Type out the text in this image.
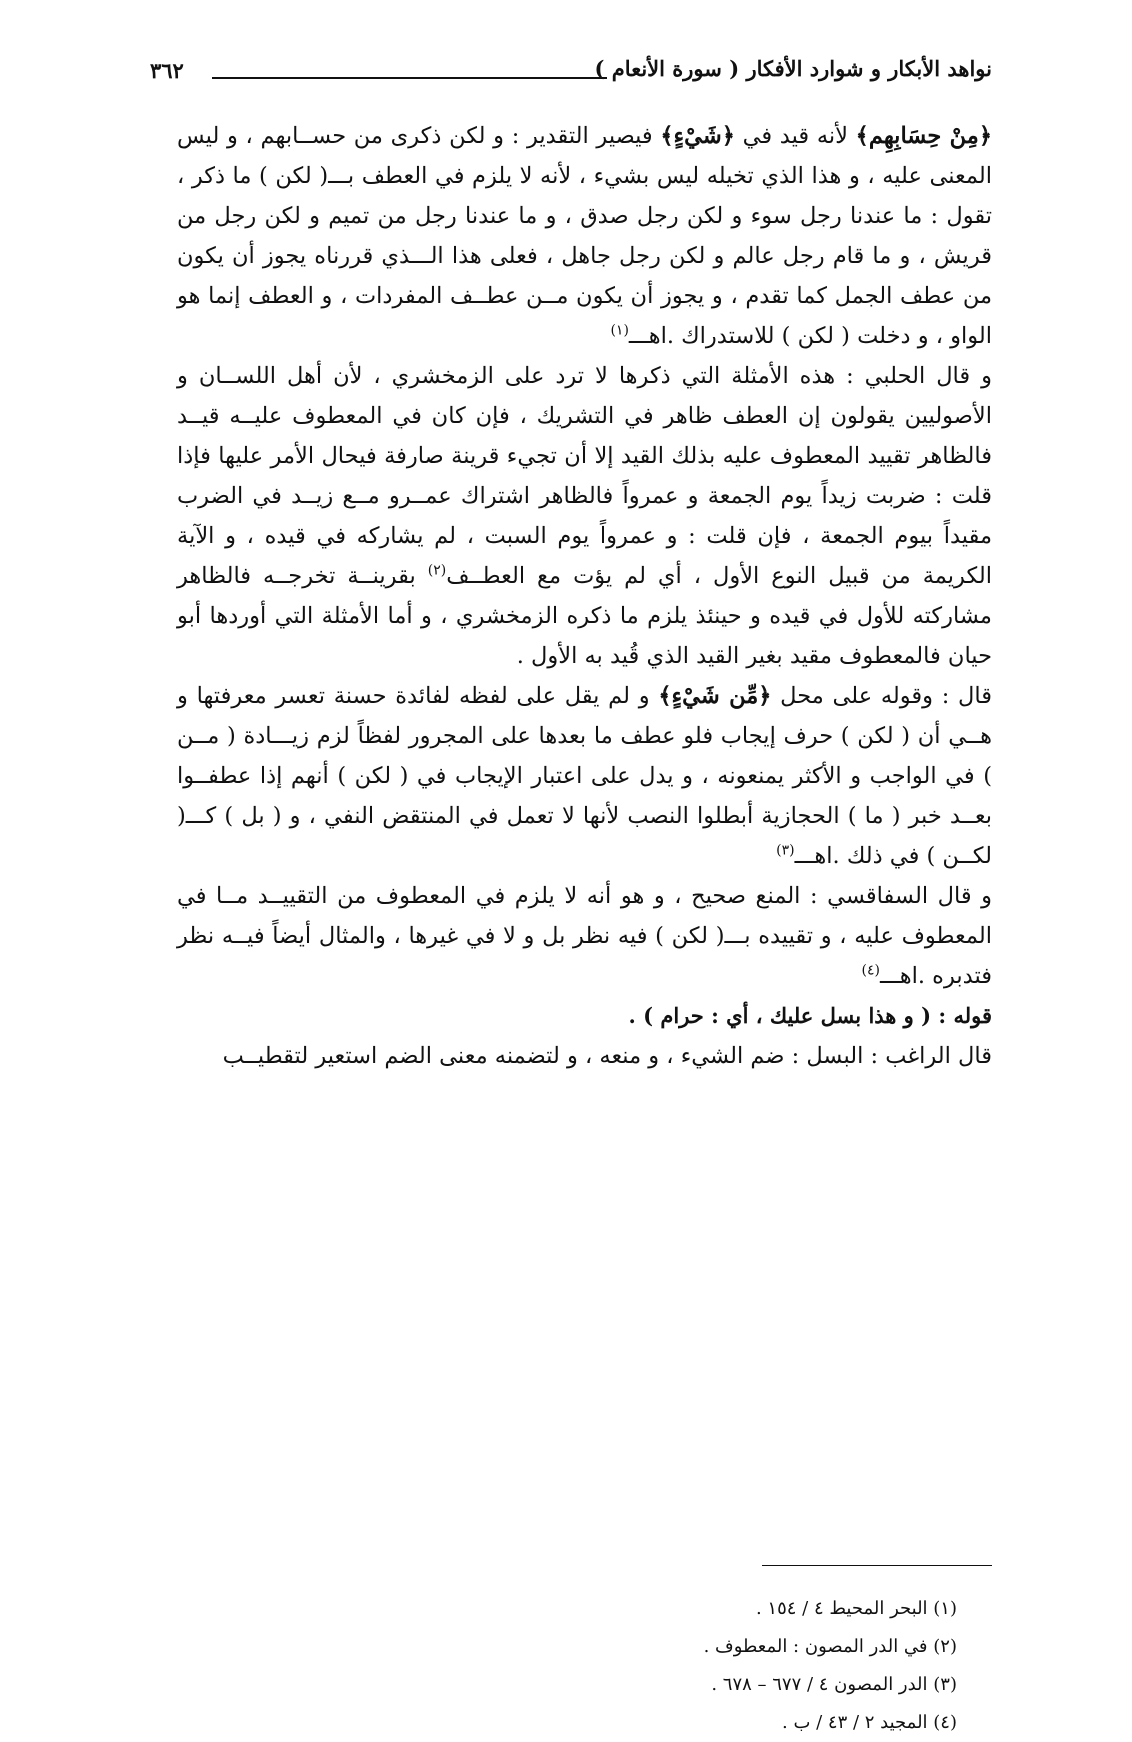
نواهد الأبكار و شوارد الأفكار ( سورة الأنعام )
٣٦٢

﴿مِنْ حِسَابِهِم﴾ لأنه قيد في ﴿شَيْءٍ﴾ فيصير التقدير : و لكن ذكرى من حســابهم ، و ليس المعنى عليه ، و هذا الذي تخيله ليس بشيء ، لأنه لا يلزم في العطف بـــ( لكن ) ما ذكر ، تقول : ما عندنا رجل سوء و لكن رجل صدق ، و ما عندنا رجل من تميم و لكن رجل من قريش ، و ما قام رجل عالم و لكن رجل جاهل ، فعلى هذا الـــذي قررناه يجوز أن يكون من عطف الجمل كما تقدم ، و يجوز أن يكون مــن عطــف المفردات ، و العطف إنما هو الواو ، و دخلت ( لكن ) للاستدراك .اهـــ$^{(١)}$

و قال الحلبي : هذه الأمثلة التي ذكرها لا ترد على الزمخشري ، لأن أهل اللســان و الأصوليين يقولون إن العطف ظاهر في التشريك ، فإن كان في المعطوف عليــه قيــد فالظاهر تقييد المعطوف عليه بذلك القيد إلا أن تجيء قرينة صارفة فيحال الأمر عليها فإذا قلت : ضربت زيداً يوم الجمعة و عمرواً فالظاهر اشتراك عمــرو مــع زيــد في الضرب مقيداً بيوم الجمعة ، فإن قلت : و عمرواً يوم السبت ، لم يشاركه في قيده ، و الآية الكريمة من قبيل النوع الأول ، أي لم يؤت مع العطــف$^{(٢)}$ بقرينــة تخرجــه فالظاهر مشاركته للأول في قيده و حينئذ يلزم ما ذكره الزمخشري ، و أما الأمثلة التي أوردها أبو حيان فالمعطوف مقيد بغير القيد الذي قُيد به الأول .

قال : وقوله على محل ﴿مِّن شَيْءٍ﴾ و لم يقل على لفظه لفائدة حسنة تعسر معرفتها و هــي أن ( لكن ) حرف إيجاب فلو عطف ما بعدها على المجرور لفظاً لزم زيـــادة ( مــن ) في الواجب و الأكثر يمنعونه ، و يدل على اعتبار الإيجاب في ( لكن ) أنهم إذا عطفــوا بعــد خبر ( ما ) الحجازية أبطلوا النصب لأنها لا تعمل في المنتقض النفي ، و ( بل ) كـــ( لكــن ) في ذلك .اهـــ$^{(٣)}$

و قال السفاقسي : المنع صحيح ، و هو أنه لا يلزم في المعطوف من التقييــد مــا في المعطوف عليه ، و تقييده بـــ( لكن ) فيه نظر بل و لا في غيرها ، والمثال أيضاً فيــه نظر فتدبره .اهـــ$^{(٤)}$

قوله : ( و هذا بسل عليك ، أي : حرام ) .

قال الراغب : البسل : ضم الشيء ، و منعه ، و لتضمنه معنى الضم استعير لتقطيــب

(١) البحر المحيط ٤ / ١٥٤ .
(٢) في الدر المصون : المعطوف .
(٣) الدر المصون ٤ / ٦٧٧ – ٦٧٨ .
(٤) المجيد ٢ / ٤٣ / ب .
